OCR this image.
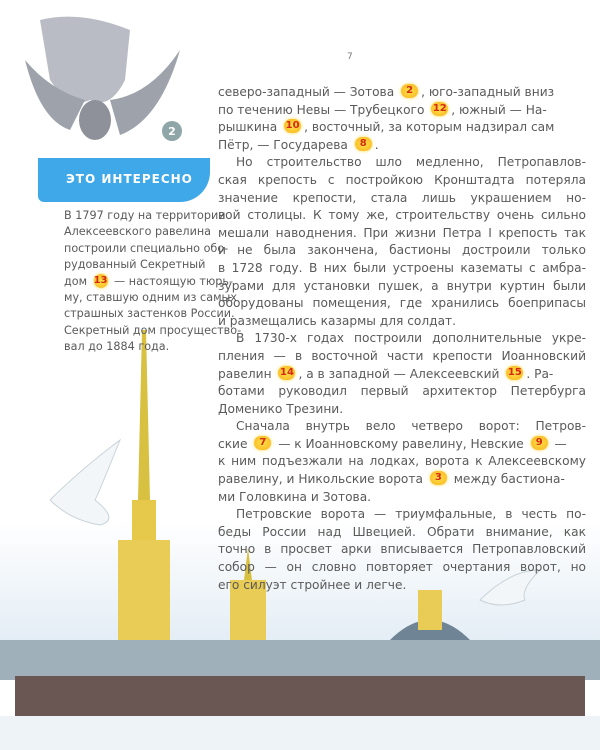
2
7
ЭТО ИНТЕРЕСНО
В 1797 году на территории
Алексеевского равелина
построили специально обо-
рудованный Секретный
дом 13 — настоящую тюрь-
му, ставшую одним из самых
страшных застенков России.
Секретный дом просуществo-
вал до 1884 года.
северо-западный — Зотова 2 , юго-западный вниз
по течению Невы — Трубецкого 12 , южный — На-
рышкина 10 , восточный, за которым надзирал сам
Пётр, — Государева 8 .
Но строительство шло медленно, Петропавлов-
ская крепость с постройкою Кронштадта потеряла
значение крепости, стала лишь украшением но-
вой столицы. К тому же, строительству очень сильно
мешали наводнения. При жизни Петра I крепость так
и не была закончена, бастионы достроили только
в 1728 году. В них были устроены казематы с амбра-
зурами для установки пушек, а внутри куртин были
оборудованы помещения, где хранились боеприпасы
и размещались казармы для солдат.
В 1730-х годах построили дополнительные укре-
пления — в восточной части крепости Иоанновский
равелин 14 , а в западной — Алексеевский 15 . Ра-
ботами руководил первый архитектор Петербурга
Доменико Трезини.
Сначала внутрь вело четверо ворот: Петров-
ские 7 — к Иоанновскому равелину, Невские 9 —
к ним подъезжали на лодках, ворота к Алексеевскому
равелину, и Никольские ворота 3 между бастиона-
ми Головкина и Зотова.
Петровские ворота — триумфальные, в честь по-
беды России над Швецией. Обрати внимание, как
точно в просвет арки вписывается Петропавловский
собор — он словно повторяет очертания ворот, но
его силуэт стройнее и легче.
